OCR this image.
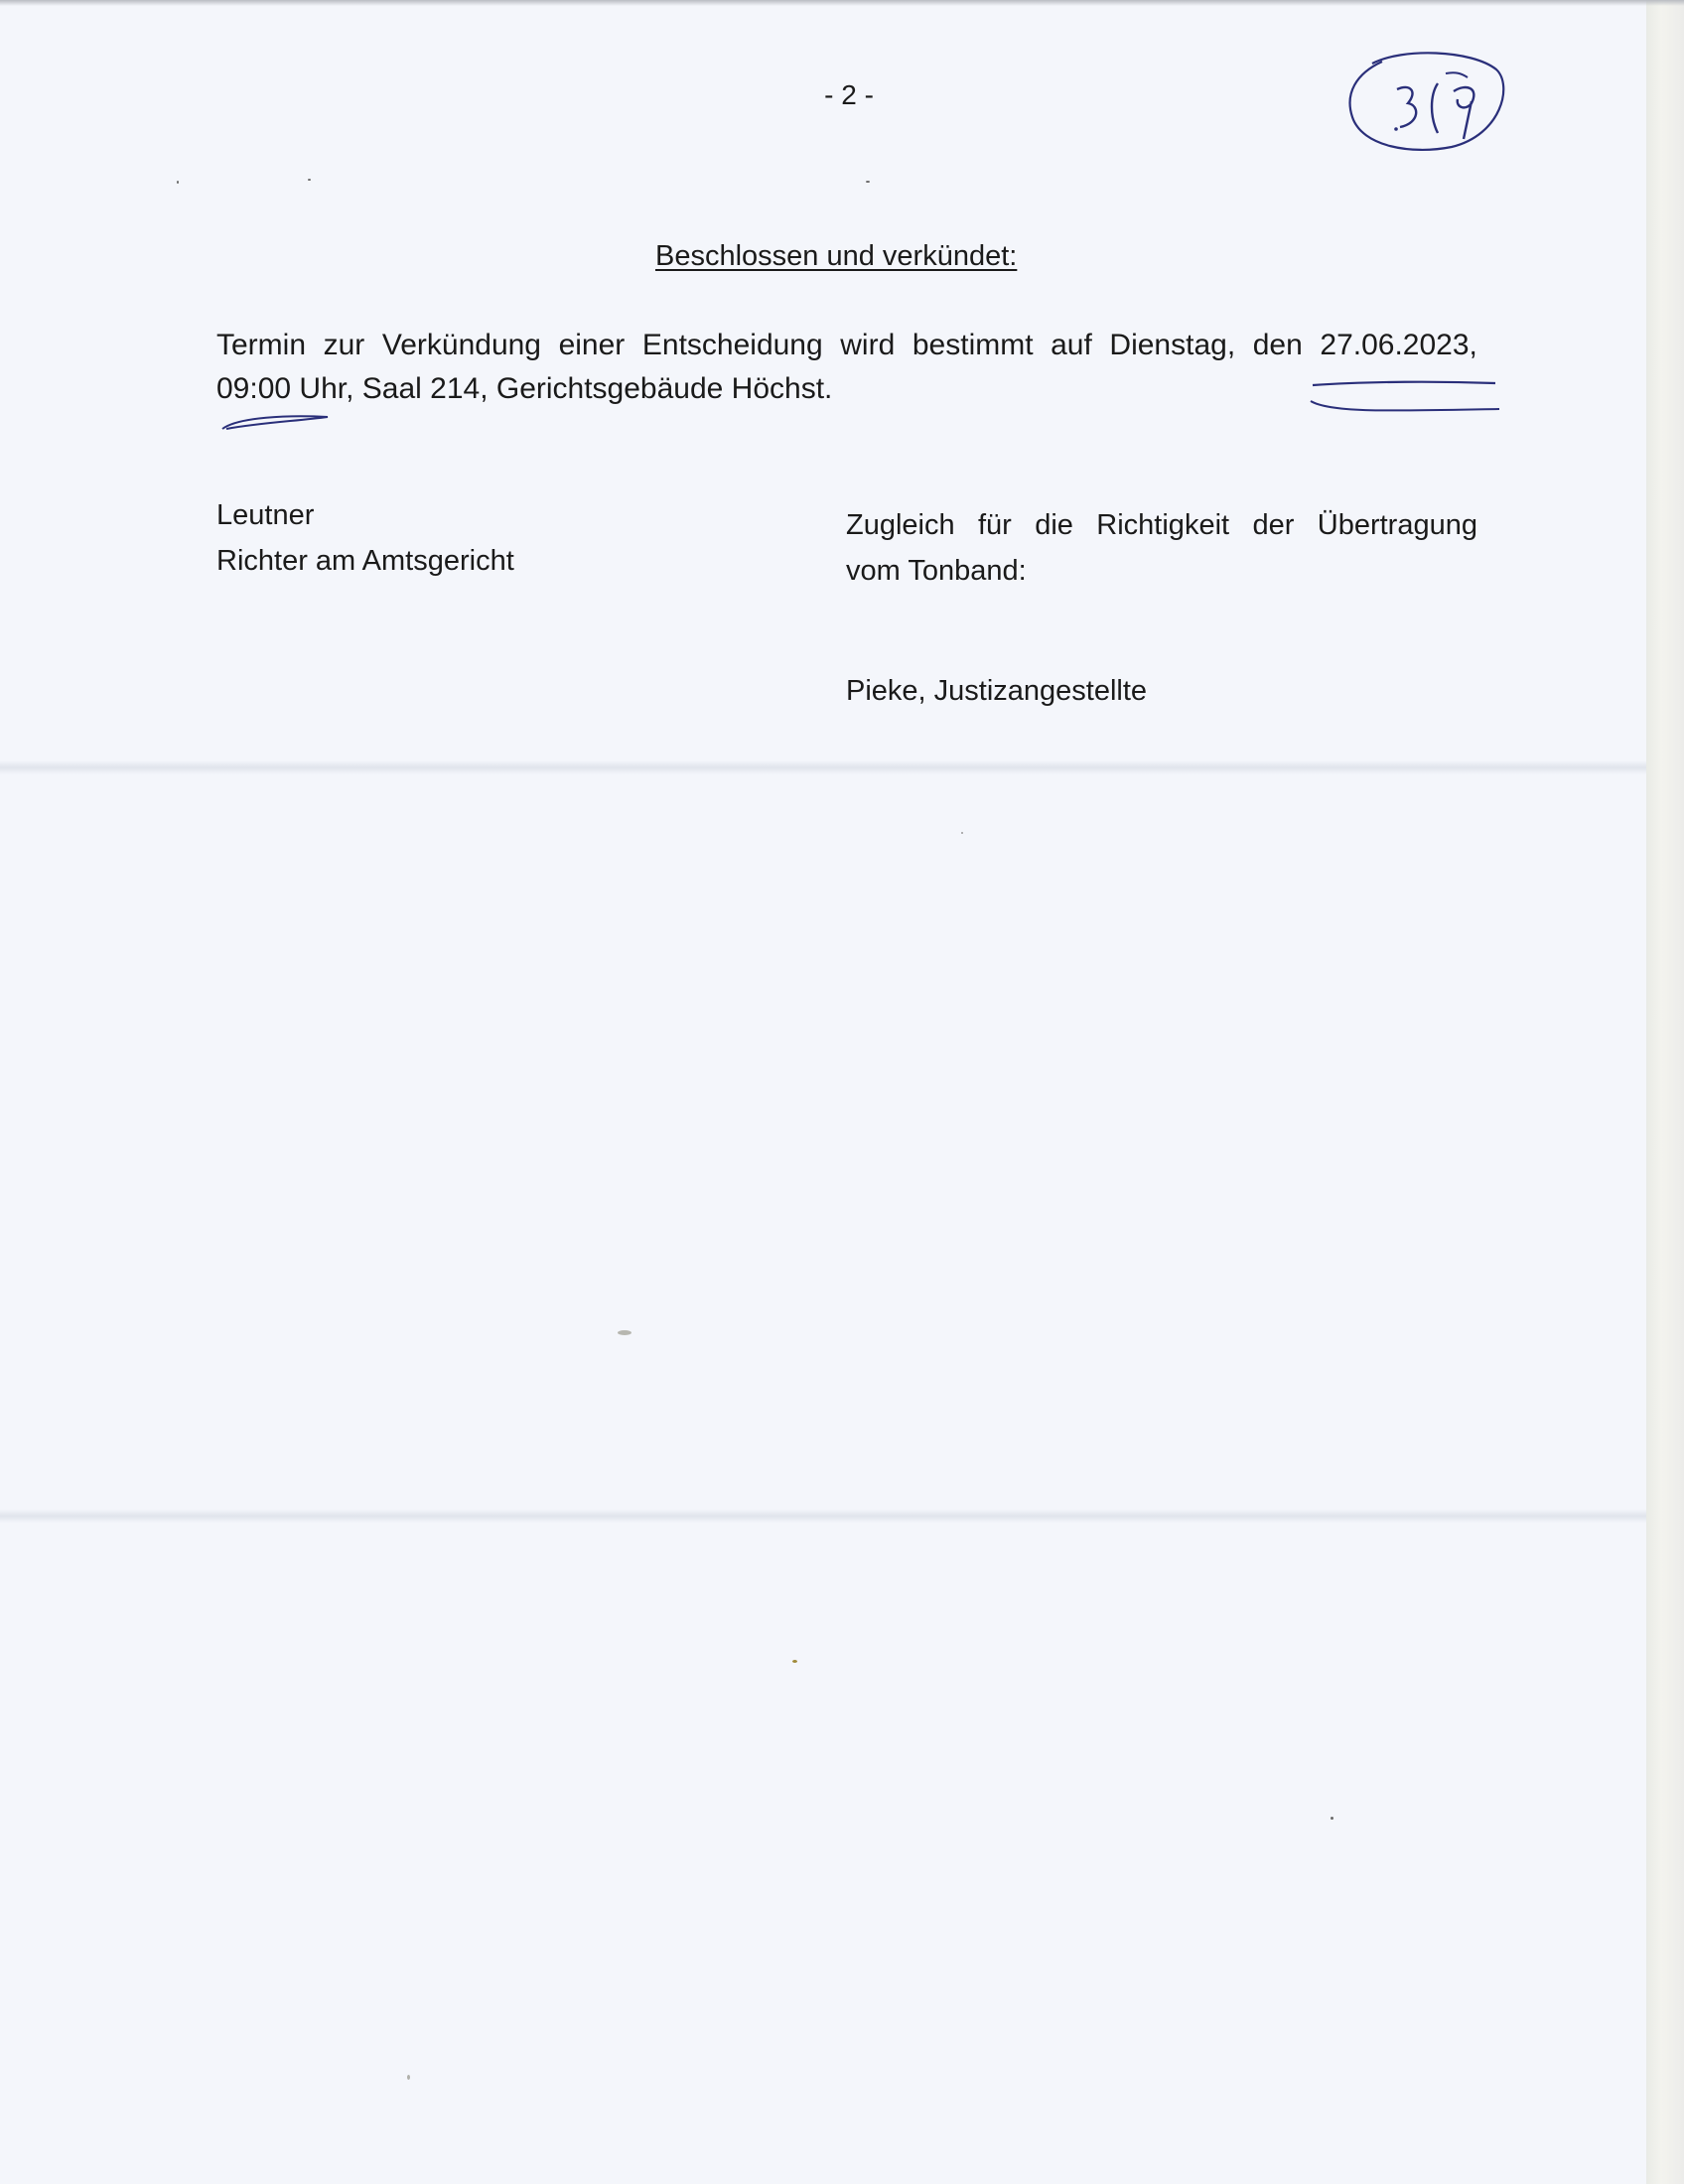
- 2 -
Beschlossen und verkündet:
Termin zur Verkündung einer Entscheidung wird bestimmt auf Dienstag, den 27.06.2023,
09:00 Uhr, Saal 214, Gerichtsgebäude Höchst.
Leutner
Richter am Amtsgericht
Zugleich für die Richtigkeit der Übertragung
vom Tonband:
Pieke, Justizangestellte
